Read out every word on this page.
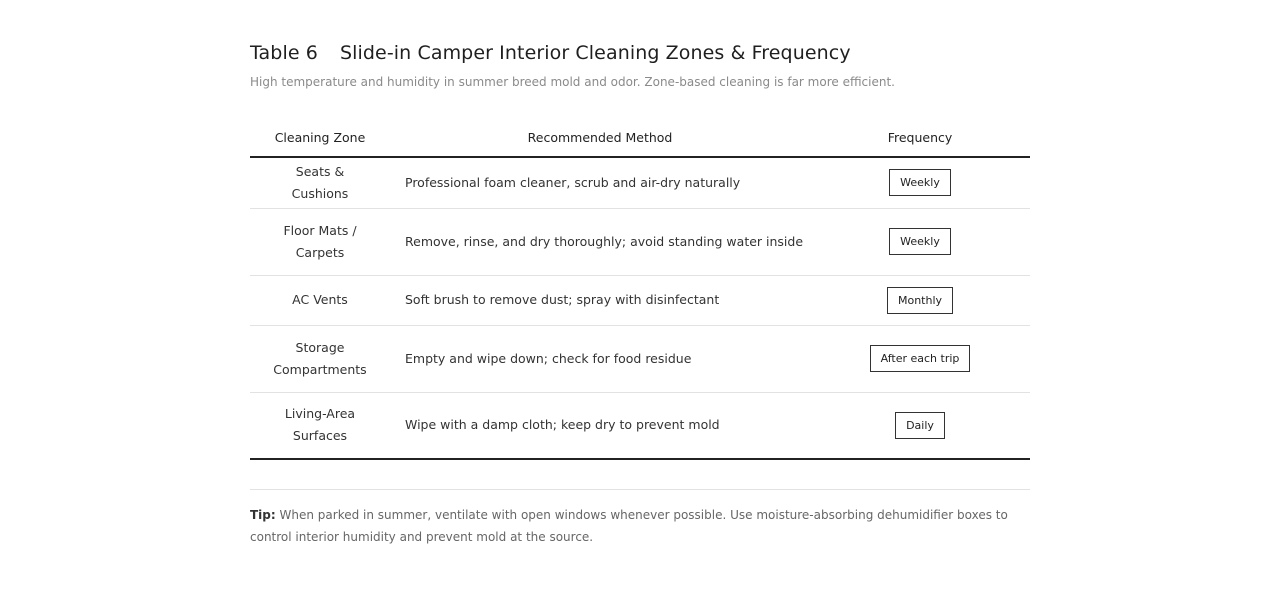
Table 6 Slide-in Camper Interior Cleaning Zones & Frequency
High temperature and humidity in summer breed mold and odor. Zone-based cleaning is far more efficient.
Cleaning Zone	Recommended Method	Frequency
Seats & Cushions	Professional foam cleaner, scrub and air-dry naturally	Weekly
Floor Mats / Carpets	Remove, rinse, and dry thoroughly; avoid standing water inside	Weekly
AC Vents	Soft brush to remove dust; spray with disinfectant	Monthly
Storage Compartments	Empty and wipe down; check for food residue	After each trip
Living-Area Surfaces	Wipe with a damp cloth; keep dry to prevent mold	Daily
Tip: When parked in summer, ventilate with open windows whenever possible. Use moisture-absorbing dehumidifier boxes to control interior humidity and prevent mold at the source.
